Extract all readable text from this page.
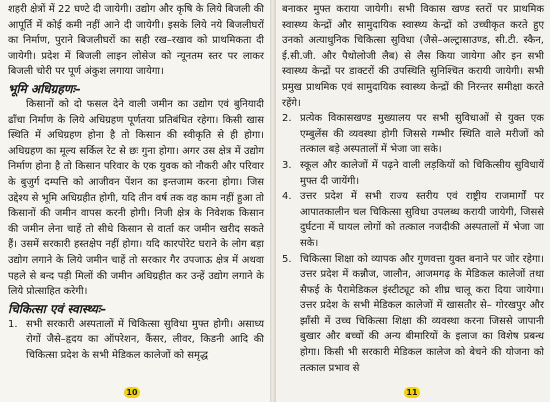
शहरी क्षेत्रों में 22 घण्टे दी जायेगी। उद्योग और कृषि के लिये बिजली की आपूर्ति में कोई कमी नहीं आने दी जायेगी। इसके लिये नये बिजलीघरों का निर्माण, पुराने बिजलीघरों का सही रख–रखाव को प्राथमिकता दी जायेगी। प्रदेश में बिजली लाइन लोसेज को न्यूनतम स्तर पर लाकर बिजली चोरी पर पूर्ण अंकुश लगाया जायेगा।

भूमि अधिग्रहणः–

किसानों को दो फसल देने वाली जमीन का उद्योग एवं बुनियादी ढाँचा निर्माण के लिये अधिग्रहण पूर्णतया प्रतिबंधित रहेगा। किसी खास स्थिति में अधिग्रहण होना है तो किसान की स्वीकृति से ही होगा। अधिग्रहण का मूल्य सर्किल रेट से छः गुना होगा। अगर उस क्षेत्र में उद्योग निर्माण होना है तो किसान परिवार के एक युवक को नौकरी और परिवार के बुजुर्ग दम्पत्ति को आजीवन पेंशन का इन्तजाम करना होगा। जिस उद्देश्य से भूमि अधिग्रहीत होगी, यदि तीन वर्ष तक वह काम नहीं हुआ तो किसानों की जमीन वापस करनी होगी। निजी क्षेत्र के निवेशक किसान की जमीन लेना चाहें तो सीधे किसान से वार्ता कर जमीन खरीद सकते हैं। उसमें सरकारी हस्तक्षेप नहीं होगा। यदि कारपोरेट घराने के लोग बड़ा उद्योग लगाने के लिये जमीन चाहें तो सरकार गैर उपजाऊ क्षेत्र में अथवा पहले से बन्द पड़ी मिलों की जमीन अधिग्रहीत कर उन्हें उद्योग लगाने के लिये प्रोत्साहित करेगी।

चिकित्सा एवं स्वास्थ्यः–
1. सभी सरकारी अस्पतालों में चिकित्सा सुविधा मुफ्त होगी। असाध्य रोगों जैसे–हृदय का ऑपरेशन, कैंसर, लीवर, किडनी आदि की चिकित्सा प्रदेश के सभी मेडिकल कालेजों को समृद्ध
10

बनाकर मुफ्त कराया जायेगी। सभी विकास खण्ड स्तरों पर प्राथमिक स्वास्थ्य केन्द्रों और सामुदायिक स्वास्थ्य केन्द्रों को उच्चीकृत करते हुए उनको अत्याधुनिक चिकित्सा सुविधा (जैसे–अल्ट्रासाउण्ड, सी.टी. स्कैन, ई.सी.जी. और पैथोलोजी लैब) से लैस किया जायेगा और इन सभी स्वास्थ्य केन्द्रों पर डाक्टरों की उपस्थिति सुनिश्चित करायी जायेगी। सभी प्रमुख प्राथमिक एवं सामुदायिक स्वास्थ्य केन्द्रों की निरन्तर समीक्षा करते रहेंगे।

2. प्रत्येक विकासखण्ड मुख्यालय पर सभी सुविधाओं से युक्त एक एम्बुलेंस की व्यवस्था होगी जिससे गम्भीर स्थिति वाले मरीजों को तत्काल बड़े अस्पतालों में भेजा जा सके।
3. स्कूल और कालेजों में पढ़ने वाली लड़कियों को चिकित्सीय सुविधायें मुफ्त दी जायेंगी।
4. उत्तर प्रदेश में सभी राज्य स्तरीय एवं राष्ट्रीय राजमार्गों पर आपातकालीन चल चिकित्सा सुविधा उपलब्ध करायी जायेगी, जिससे दुर्घटना में घायल लोगों को तत्काल नजदीकी अस्पतालों में भेजा जा सके।
5. चिकित्सा शिक्षा को व्यापक और गुणवत्ता युक्त बनाने पर जोर रहेगा। उत्तर प्रदेश में कन्नौज, जालौन, आजमगढ़ के मेडिकल कालेजों तथा सैफई के पैरामेडिकल इंस्टीट्यूट को शीघ्र चालू करा दिया जायेगा। उत्तर प्रदेश के सभी मेडिकल कालेजों में खासतौर से– गोरखपुर और झाँसी में उच्च चिकित्सा शिक्षा की व्यवस्था करना जिससे जापानी बुखार और बच्चों की अन्य बीमारियों के इलाज का विशेष प्रबन्ध होगा। किसी भी सरकारी मेडिकल कालेज को बेचने की योजना को तत्काल प्रभाव से
11
